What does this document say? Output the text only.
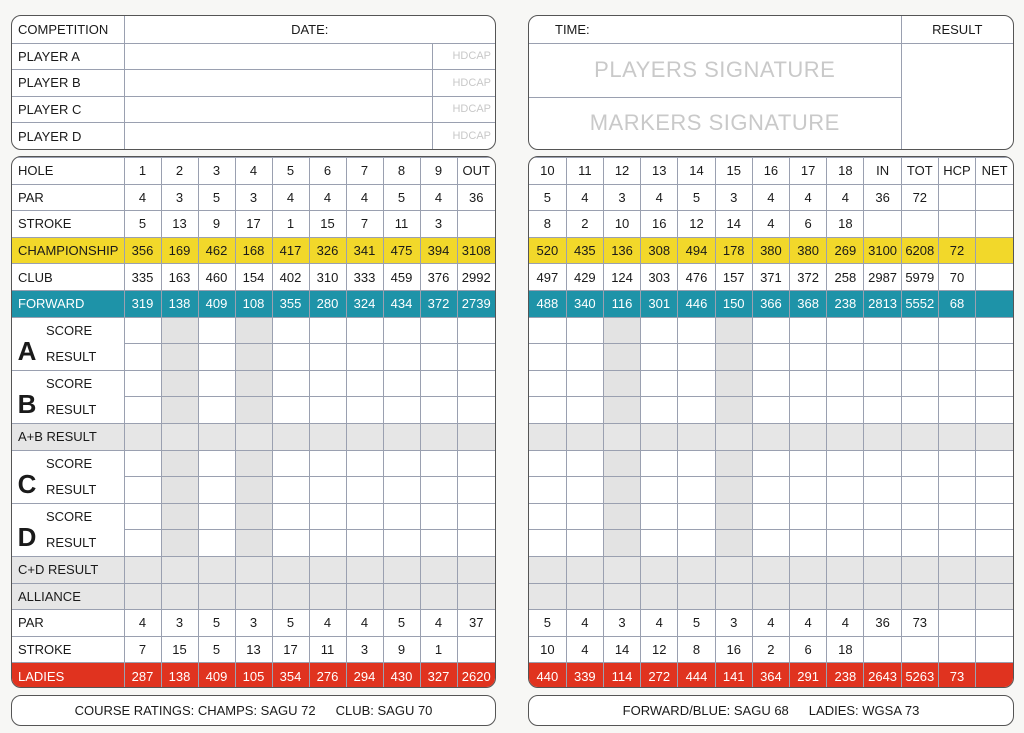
COMPETITION	DATE:	
PLAYER A		HDCAP
PLAYER B		HDCAP
PLAYER C		HDCAP
PLAYER D		HDCAP
TIME:	RESULT
PLAYERS SIGNATURE	
MARKERS SIGNATURE	
HOLE	1	2	3	4	5	6	7	8	9	OUT
PAR	4	3	5	3	4	4	4	5	4	36
STROKE	5	13	9	17	1	15	7	11	3	
CHAMPIONSHIP	356	169	462	168	417	326	341	475	394	3108
CLUB	335	163	460	154	402	310	333	459	376	2992
FORWARD	319	138	409	108	355	280	324	434	372	2739

A
SCORE
RESULT										

B
SCORE
RESULT										

A+B RESULT										

C
SCORE
RESULT										

D
SCORE
RESULT										

C+D RESULT										
ALLIANCE										
PAR	4	3	5	3	5	4	4	5	4	37
STROKE	7	15	5	13	17	11	3	9	1	
LADIES	287	138	409	105	354	276	294	430	327	2620
10	11	12	13	14	15	16	17	18	IN	TOT	HCP	NET
5	4	3	4	5	3	4	4	4	36	72		
8	2	10	16	12	14	4	6	18				
520	435	136	308	494	178	380	380	269	3100	6208	72	
497	429	124	303	476	157	371	372	258	2987	5979	70	
488	340	116	301	446	150	366	368	238	2813	5552	68	

5	4	3	4	5	3	4	4	4	36	73		
10	4	14	12	8	16	2	6	18				
440	339	114	272	444	141	364	291	238	2643	5263	73	
COURSE RATINGS: CHAMPS: SAGU 72 CLUB: SAGU 70	FORWARD/BLUE: SAGU 68 LADIES: WGSA 73
